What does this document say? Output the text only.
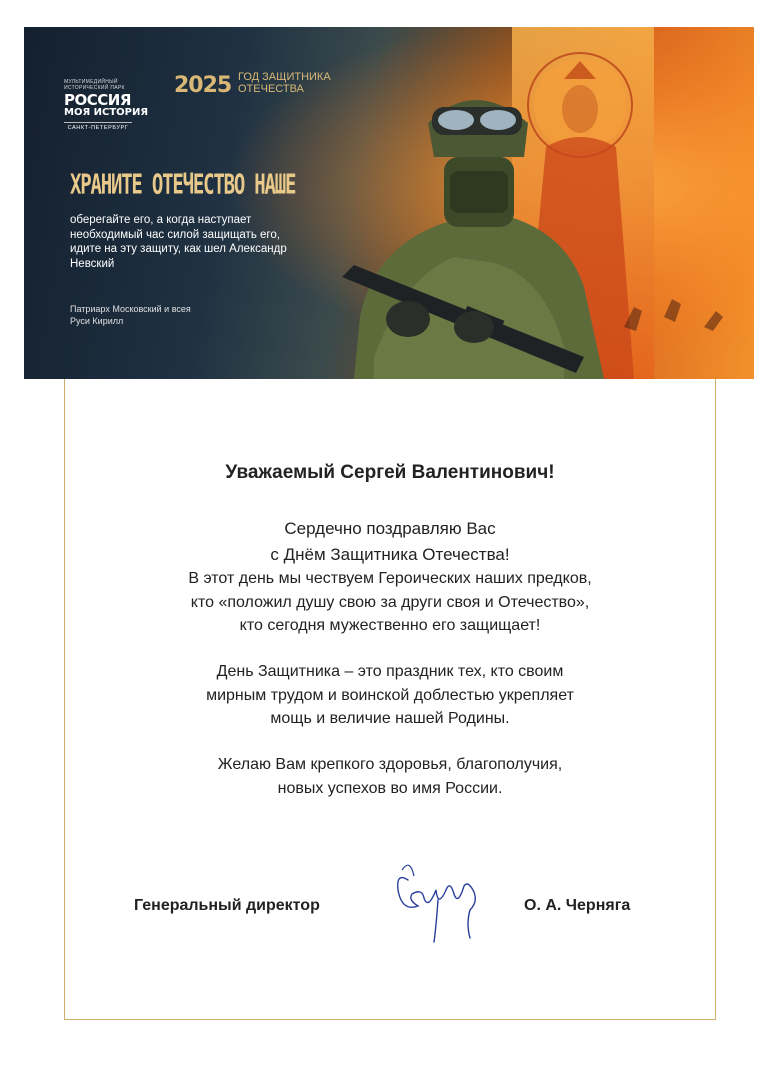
МУЛЬТИМЕДИЙНЫЙ ИСТОРИЧЕСКИЙ ПАРК
РОССИЯ
МОЯ ИСТОРИЯ
САНКТ-ПЕТЕРБУРГ
2025 ГОД ЗАЩИТНИКА ОТЕЧЕСТВА
ХРАНИТЕ ОТЕЧЕСТВО НАШЕ
оберегайте его, а когда наступает необходимый час силой защищать его, идите на эту защиту, как шел Александр Невский
Патриарх Московский и всея Руси Кирилл
Уважаемый Сергей Валентинович!
Сердечно поздравляю Вас
с Днём Защитника Отечества!
В этот день мы чествуем Героических наших предков,
кто «положил душу свою за други своя и Отечество»,
кто сегодня мужественно его защищает!
День Защитника – это праздник тех, кто своим
мирным трудом и воинской доблестью укрепляет
мощь и величие нашей Родины.
Желаю Вам крепкого здоровья, благополучия,
новых успехов во имя России.
Генеральный директор	О. А. Черняга
